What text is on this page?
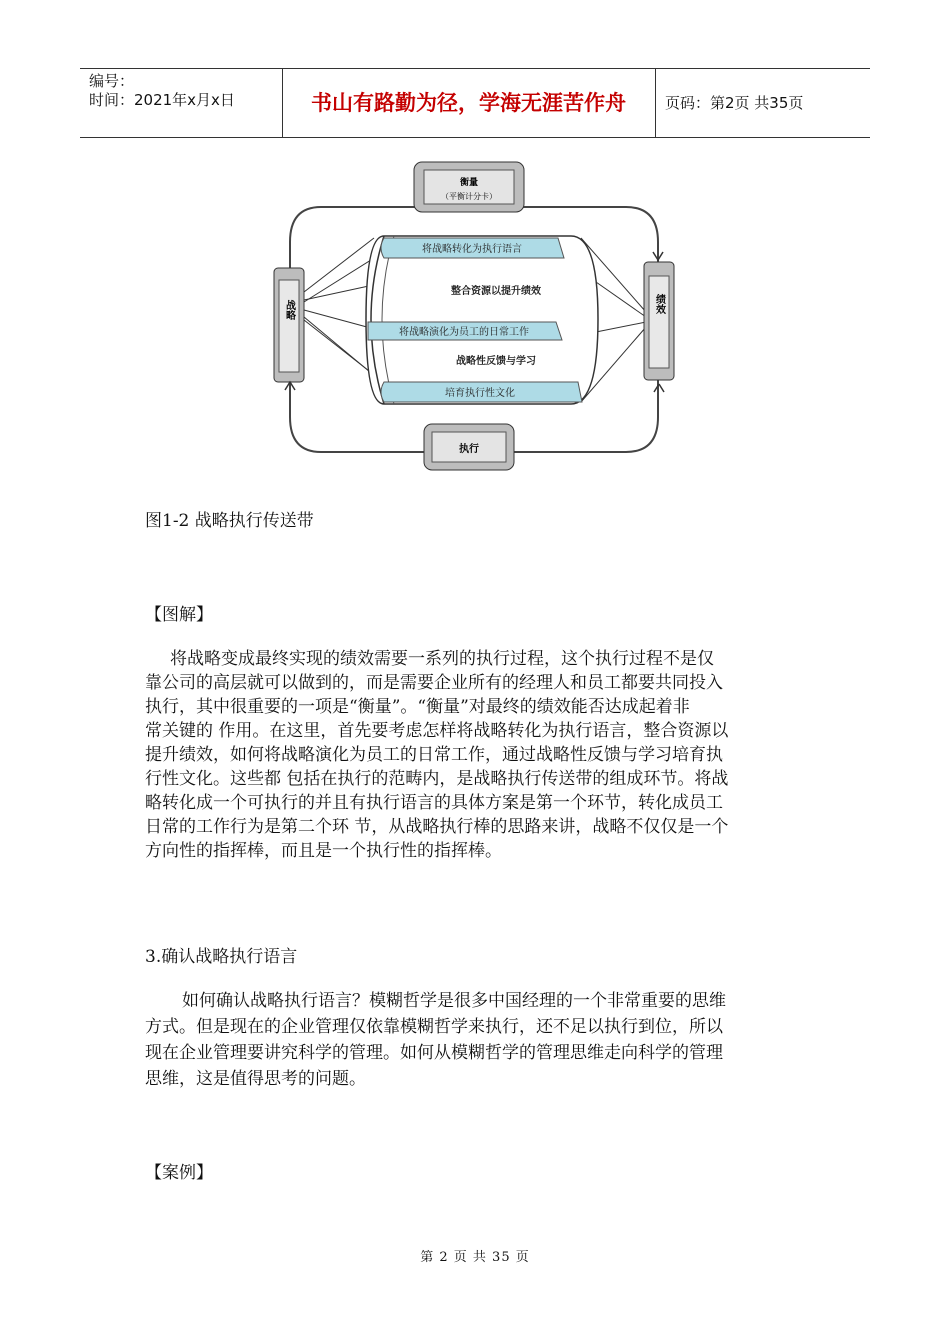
编号：
时间：2021年x月x日	书山有路勤为径，学海无涯苦作舟	页码：第2页 共35页
将战略转化为执行语言
整合资源以提升绩效
将战略演化为员工的日常工作
战略性反馈与学习
培育执行性文化
衡量
（平衡计分卡）
战略	绩效
执行
图1-2 战略执行传送带
【图解】
将战略变成最终实现的绩效需要一系列的执行过程，这个执行过程不是仅
靠公司的高层就可以做到的，而是需要企业所有的经理人和员工都要共同投入
执行，其中很重要的一项是“衡量”。“衡量”对最终的绩效能否达成起着非
常关键的 作用。在这里，首先要考虑怎样将战略转化为执行语言，整合资源以
提升绩效，如何将战略演化为员工的日常工作，通过战略性反馈与学习培育执
行性文化。这些都 包括在执行的范畴内，是战略执行传送带的组成环节。将战
略转化成一个可执行的并且有执行语言的具体方案是第一个环节，转化成员工
日常的工作行为是第二个环 节，从战略执行棒的思路来讲，战略不仅仅是一个
方向性的指挥棒，而且是一个执行性的指挥棒。
3.确认战略执行语言
如何确认战略执行语言？模糊哲学是很多中国经理的一个非常重要的思维
方式。但是现在的企业管理仅依靠模糊哲学来执行，还不足以执行到位，所以
现在企业管理要讲究科学的管理。如何从模糊哲学的管理思维走向科学的管理
思维，这是值得思考的问题。
【案例】
第 2 页 共 35 页
